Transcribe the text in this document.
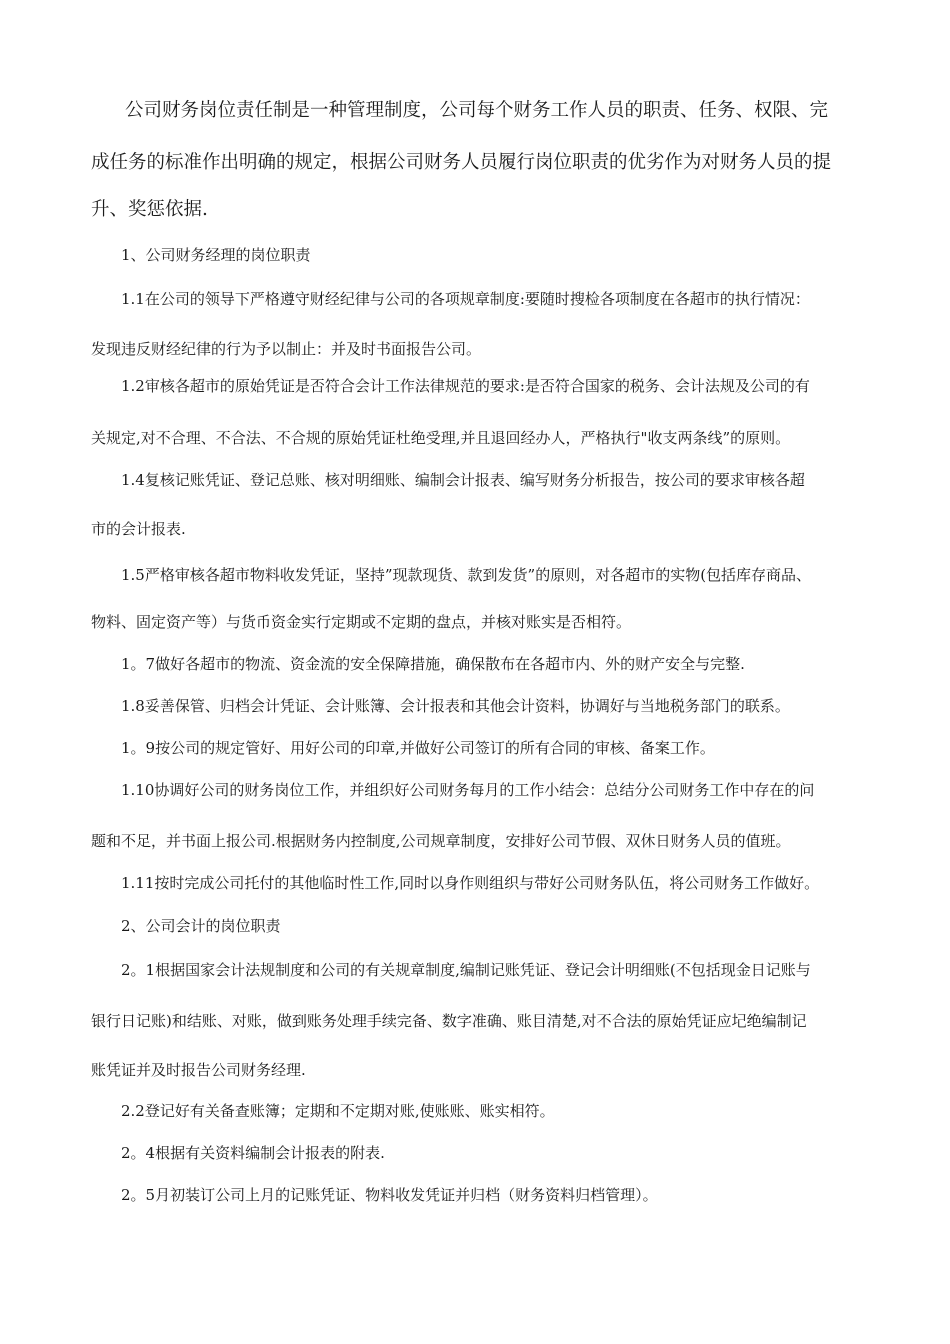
公司财务岗位责任制是一种管理制度，公司每个财务工作人员的职责、任务、权限、完

成任务的标准作出明确的规定，根据公司财务人员履行岗位职责的优劣作为对财务人员的提

升、奖惩依据.

1、公司财务经理的岗位职责

1.1在公司的领导下严格遵守财经纪律与公司的各项规章制度:要随时搜检各项制度在各超市的执行情况：

发现违反财经纪律的行为予以制止：并及时书面报告公司。

1.2审核各超市的原始凭证是否符合会计工作法律规范的要求:是否符合国家的税务、会计法规及公司的有

关规定,对不合理、不合法、不合规的原始凭证杜绝受理,并且退回经办人，严格执行"收支两条线”的原则。

1.4复核记账凭证、登记总账、核对明细账、编制会计报表、编写财务分析报告，按公司的要求审核各超

市的会计报表.

1.5严格审核各超市物料收发凭证，坚持”现款现货、款到发货”的原则，对各超市的实物(包括库存商品、

物料、固定资产等）与货币资金实行定期或不定期的盘点，并核对账实是否相符。

1。7做好各超市的物流、资金流的安全保障措施，确保散布在各超市内、外的财产安全与完整.

1.8妥善保管、归档会计凭证、会计账簿、会计报表和其他会计资料，协调好与当地税务部门的联系。

1。9按公司的规定管好、用好公司的印章,并做好公司签订的所有合同的审核、备案工作。

1.10协调好公司的财务岗位工作，并组织好公司财务每月的工作小结会：总结分公司财务工作中存在的问

题和不足，并书面上报公司.根据财务内控制度,公司规章制度，安排好公司节假、双休日财务人员的值班。

1.11按时完成公司托付的其他临时性工作,同时以身作则组织与带好公司财务队伍，将公司财务工作做好。

2、公司会计的岗位职责

2。1根据国家会计法规制度和公司的有关规章制度,编制记账凭证、登记会计明细账(不包括现金日记账与

银行日记账)和结账、对账，做到账务处理手续完备、数字准确、账目清楚,对不合法的原始凭证应圮绝编制记

账凭证并及时报告公司财务经理.

2.2登记好有关备查账簿；定期和不定期对账,使账账、账实相符。

2。4根据有关资料编制会计报表的附表.

2。5月初装订公司上月的记账凭证、物料收发凭证并归档（财务资料归档管理）。
